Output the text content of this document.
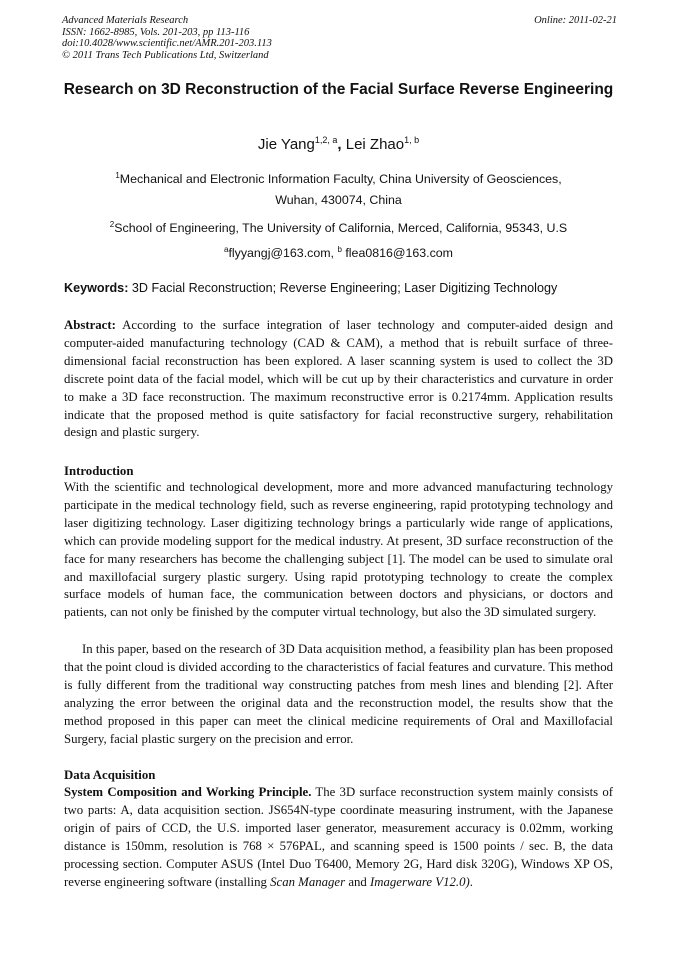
Advanced Materials Research
ISSN: 1662-8985, Vols. 201-203, pp 113-116
doi:10.4028/www.scientific.net/AMR.201-203.113
© 2011 Trans Tech Publications Ltd, Switzerland
Online: 2011-02-21
Research on 3D Reconstruction of the Facial Surface Reverse Engineering
Jie Yang$^{1,2, a}$, Lei Zhao$^{1, b}$
$^1$Mechanical and Electronic Information Faculty, China University of Geosciences,
Wuhan, 430074, China
$^2$School of Engineering, The University of California, Merced, California, 95343, U.S
$^a$flyyangj@163.com, $^b$ flea0816@163.com
Keywords: 3D Facial Reconstruction; Reverse Engineering; Laser Digitizing Technology

Abstract: According to the surface integration of laser technology and computer-aided design and computer-aided manufacturing technology (CAD & CAM), a method that is rebuilt surface of three-dimensional facial reconstruction has been explored. A laser scanning system is used to collect the 3D discrete point data of the facial model, which will be cut up by their characteristics and curvature in order to make a 3D face reconstruction. The maximum reconstructive error is 0.2174mm. Application results indicate that the proposed method is quite satisfactory for facial reconstructive surgery, rehabilitation design and plastic surgery.

Introduction

With the scientific and technological development, more and more advanced manufacturing technology participate in the medical technology field, such as reverse engineering, rapid prototyping technology and laser digitizing technology. Laser digitizing technology brings a particularly wide range of applications, which can provide modeling support for the medical industry. At present, 3D surface reconstruction of the face for many researchers has become the challenging subject [1]. The model can be used to simulate oral and maxillofacial surgery plastic surgery. Using rapid prototyping technology to create the complex surface models of human face, the communication between doctors and physicians, or doctors and patients, can not only be finished by the computer virtual technology, but also the 3D simulated surgery.

In this paper, based on the research of 3D Data acquisition method, a feasibility plan has been proposed that the point cloud is divided according to the characteristics of facial features and curvature. This method is fully different from the traditional way constructing patches from mesh lines and blending [2]. After analyzing the error between the original data and the reconstruction model, the results show that the method proposed in this paper can meet the clinical medicine requirements of Oral and Maxillofacial Surgery, facial plastic surgery on the precision and error.

Data Acquisition

System Composition and Working Principle. The 3D surface reconstruction system mainly consists of two parts: A, data acquisition section. JS654N-type coordinate measuring instrument, with the Japanese origin of pairs of CCD, the U.S. imported laser generator, measurement accuracy is 0.02mm, working distance is 150mm, resolution is 768 × 576PAL, and scanning speed is 1500 points / sec. B, the data processing section. Computer ASUS (Intel Duo T6400, Memory 2G, Hard disk 320G), Windows XP OS, reverse engineering software (installing Scan Manager and Imagerware V12.0).
